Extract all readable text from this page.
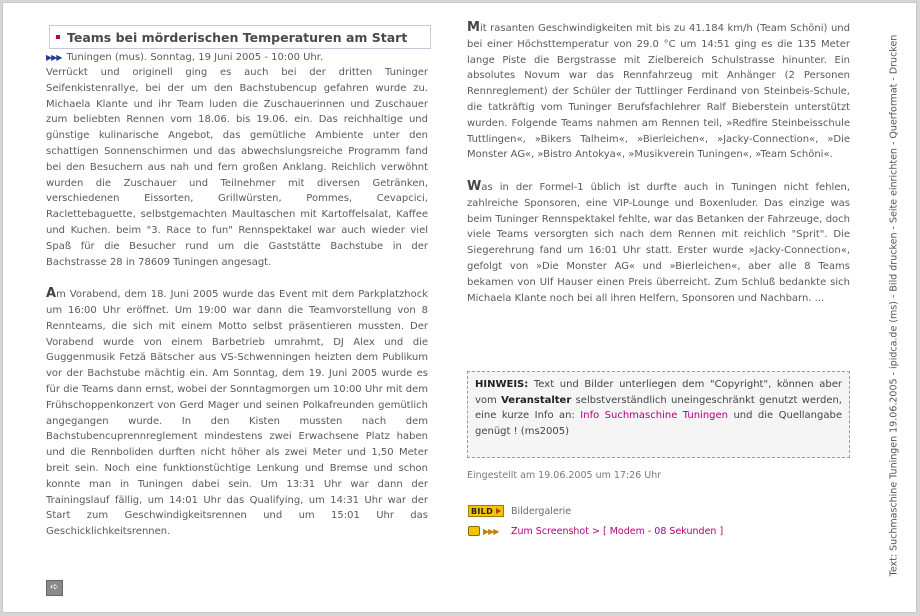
Teams bei mörderischen Temperaturen am Start
▶▶▶ Tuningen (mus). Sonntag, 19 Juni 2005 - 10:00 Uhr.

Verrückt und originell ging es auch bei der dritten Tuninger Seifenkistenrallye, bei der um den Bachstubencup gefahren wurde zu. Michaela Klante und ihr Team luden die Zuschauerinnen und Zuschauer zum beliebten Rennen vom 18.06. bis 19.06. ein. Das reichhaltige und günstige kulinarische Angebot, das gemütliche Ambiente unter den schattigen Sonnenschirmen und das abwechslungsreiche Programm fand bei den Besuchern aus nah und fern großen Anklang. Reichlich verwöhnt wurden die Zuschauer und Teilnehmer mit diversen Getränken, verschiedenen Eissorten, Grillwürsten, Pommes, Cevapcici, Raclettebaguette, selbstgemachten Maultaschen mit Kartoffelsalat, Kaffee und Kuchen. beim "3. Race to fun" Rennspektakel war auch wieder viel Spaß für die Besucher rund um die Gaststätte Bachstube in der Bachstrasse 28 in 78609 Tuningen angesagt.

Am Vorabend, dem 18. Juni 2005 wurde das Event mit dem Parkplatzhock um 16:00 Uhr eröffnet. Um 19:00 war dann die Teamvorstellung von 8 Rennteams, die sich mit einem Motto selbst präsentieren mussten. Der Vorabend wurde von einem Barbetrieb umrahmt, DJ Alex und die Guggenmusik Fetzä Bätscher aus VS-Schwenningen heizten dem Publikum vor der Bachstube mächtig ein. Am Sonntag, dem 19. Juni 2005 wurde es für die Teams dann ernst, wobei der Sonntagmorgen um 10:00 Uhr mit dem Frühschoppenkonzert von Gerd Mager und seinen Polkafreunden gemütlich angegangen wurde. In den Kisten mussten nach dem Bachstubencuprennreglement mindestens zwei Erwachsene Platz haben und die Rennboliden durften nicht höher als zwei Meter und 1,50 Meter breit sein. Noch eine funktionstüchtige Lenkung und Bremse und schon konnte man in Tuningen dabei sein. Um 13:31 Uhr war dann der Trainingslauf fällig, um 14:01 Uhr das Qualifying, um 14:31 Uhr war der Start zum Geschwindigkeitsrennen und um 15:01 Uhr das Geschicklichkeitsrennen.

Mit rasanten Geschwindigkeiten mit bis zu 41.184 km/h (Team Schöni) und bei einer Höchsttemperatur von 29.0 °C um 14:51 ging es die 135 Meter lange Piste die Bergstrasse mit Zielbereich Schulstrasse hinunter. Ein absolutes Novum war das Rennfahrzeug mit Anhänger (2 Personen Rennreglement) der Schüler der Tuttlinger Ferdinand von Steinbeis-Schule, die tatkräftig vom Tuninger Berufsfachlehrer Ralf Bieberstein unterstützt wurden. Folgende Teams nahmen am Rennen teil, »Redfire Steinbeisschule Tuttlingen«, »Bikers Talheim«, »Bierleichen«, »Jacky-Connection«, »Die Monster AG«, »Bistro Antokya«, »Musikverein Tuningen«, »Team Schöni«.

Was in der Formel-1 üblich ist durfte auch in Tuningen nicht fehlen, zahlreiche Sponsoren, eine VIP-Lounge und Boxenluder. Das einzige was beim Tuninger Rennspektakel fehlte, war das Betanken der Fahrzeuge, doch viele Teams versorgten sich nach dem Rennen mit reichlich "Sprit". Die Siegerehrung fand um 16:01 Uhr statt. Erster wurde »Jacky-Connection«, gefolgt von »Die Monster AG« und »Bierleichen«, aber alle 8 Teams bekamen von Ulf Hauser einen Preis überreicht. Zum Schluß bedankte sich Michaela Klante noch bei all ihren Helfern, Sponsoren und Nachbarn. ...

HINWEIS: Text und Bilder unterliegen dem "Copyright", können aber vom Veranstalter selbstverständlich uneingeschränkt genutzt werden, eine kurze Info an: Info Suchmaschine Tuningen und die Quellangabe genügt ! (ms2005)
Eingestellt am 19.06.2005 um 17:26 Uhr
BILD Bildergalerie
▶▶▶ Zum Screenshot > [ Modem - 08 Sekunden ]
➪
Text: Suchmaschine Tuningen 19.06.2005 - ipidca.de (ms) - Bild drucken - Seite einrichten - Querformat - Drucken
